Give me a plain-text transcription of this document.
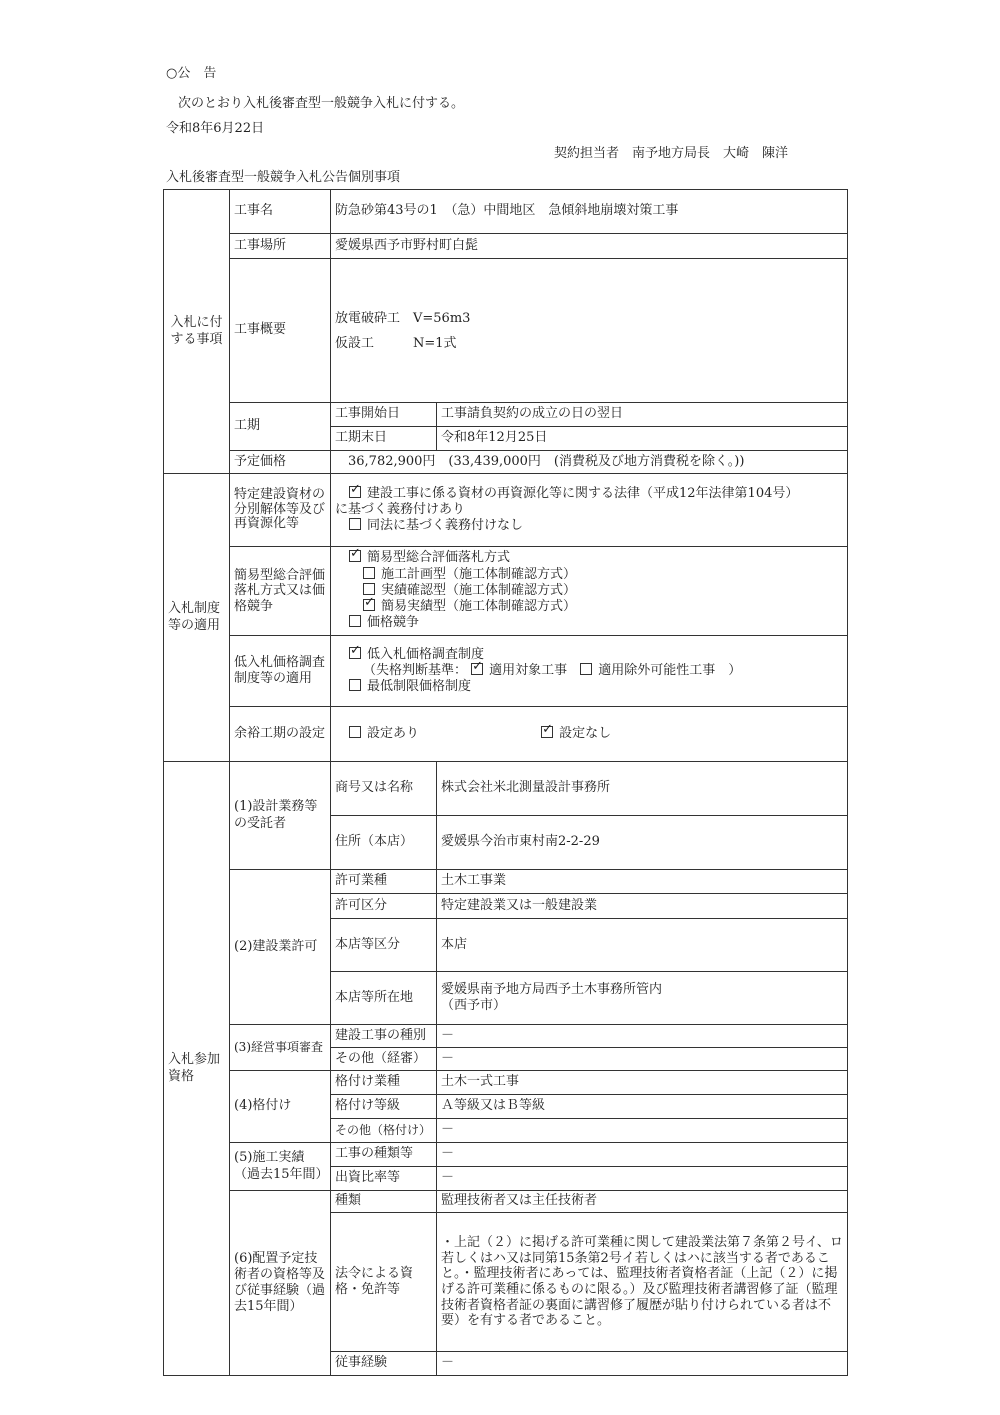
○公　告
次のとおり入札後審査型一般競争入札に付する。
令和8年6月22日
契約担当者　南予地方局長　大崎　陳洋
入札後審査型一般競争入札公告個別事項
入札に付する事項	工事名	防急砂第43号の1　（急）中間地区　急傾斜地崩壊対策工事	
	工事場所	愛媛県西予市野村町白髭	
	工事概要	放電破砕工　V=56m3
仮設工　　　N=1式	

	工期	工事開始日	工事請負契約の成立の日の翌日
		工期末日	令和8年12月25日
	予定価格	　36,782,900円　(33,439,000円　(消費税及び地方消費税を除く。))	
入札制度等の適用	特定建設資材の分別解体等及び再資源化等	
✓建設工事に係る資材の再資源化等に関する法律（平成12年法律第104号）
に基づく義務付けあり
同法に基づく義務付けなし

	簡易型総合評価落札方式又は価格競争	
✓簡易型総合評価落札方式
施工計画型（施工体制確認方式）
実績確認型（施工体制確認方式）
✓簡易実績型（施工体制確認方式）
価格競争

	低入札価格調査制度等の適用	
✓低入札価格調査制度
（失格判断基準： ✓ 適用対象工事　 適用除外可能性工事　）
最低制限価格制度

	余裕工期の設定	設定あり ✓ 設定なし
入札参加資格	(1)設計業務等の受託者	商号又は名称	株式会社米北測量設計事務所
		住所（本店）	愛媛県今治市東村南2-2-29
	(2)建設業許可	許可業種	土木工事業
		許可区分	特定建設業又は一般建設業
		本店等区分	本店
		本店等所在地	愛媛県南予地方局西予土木事務所管内
（西予市）

	(3)経営事項審査	建設工事の種別	－
		その他（経審）	－
	(4)格付け	格付け業種	土木一式工事
		格付け等級	Ａ等級又はＢ等級
		その他（格付け）	－
	(5)施工実績（過去15年間）	工事の種類等	－
		出資比率等	－
	(6)配置予定技術者の資格等及び従事経験（過去15年間）	種類	監理技術者又は主任技術者
		法令による資格・免許等	・上記（２）に掲げる許可業種に関して建設業法第７条第２号イ、ロ若しくはハ又は同第15条第2号イ若しくはハに該当する者であること。・監理技術者にあっては、監理技術者資格者証（上記（２）に掲げる許可業種に係るものに限る。）及び監理技術者講習修了証（監理技術者資格者証の裏面に講習修了履歴が貼り付けられている者は不要）を有する者であること。
		従事経験	－
